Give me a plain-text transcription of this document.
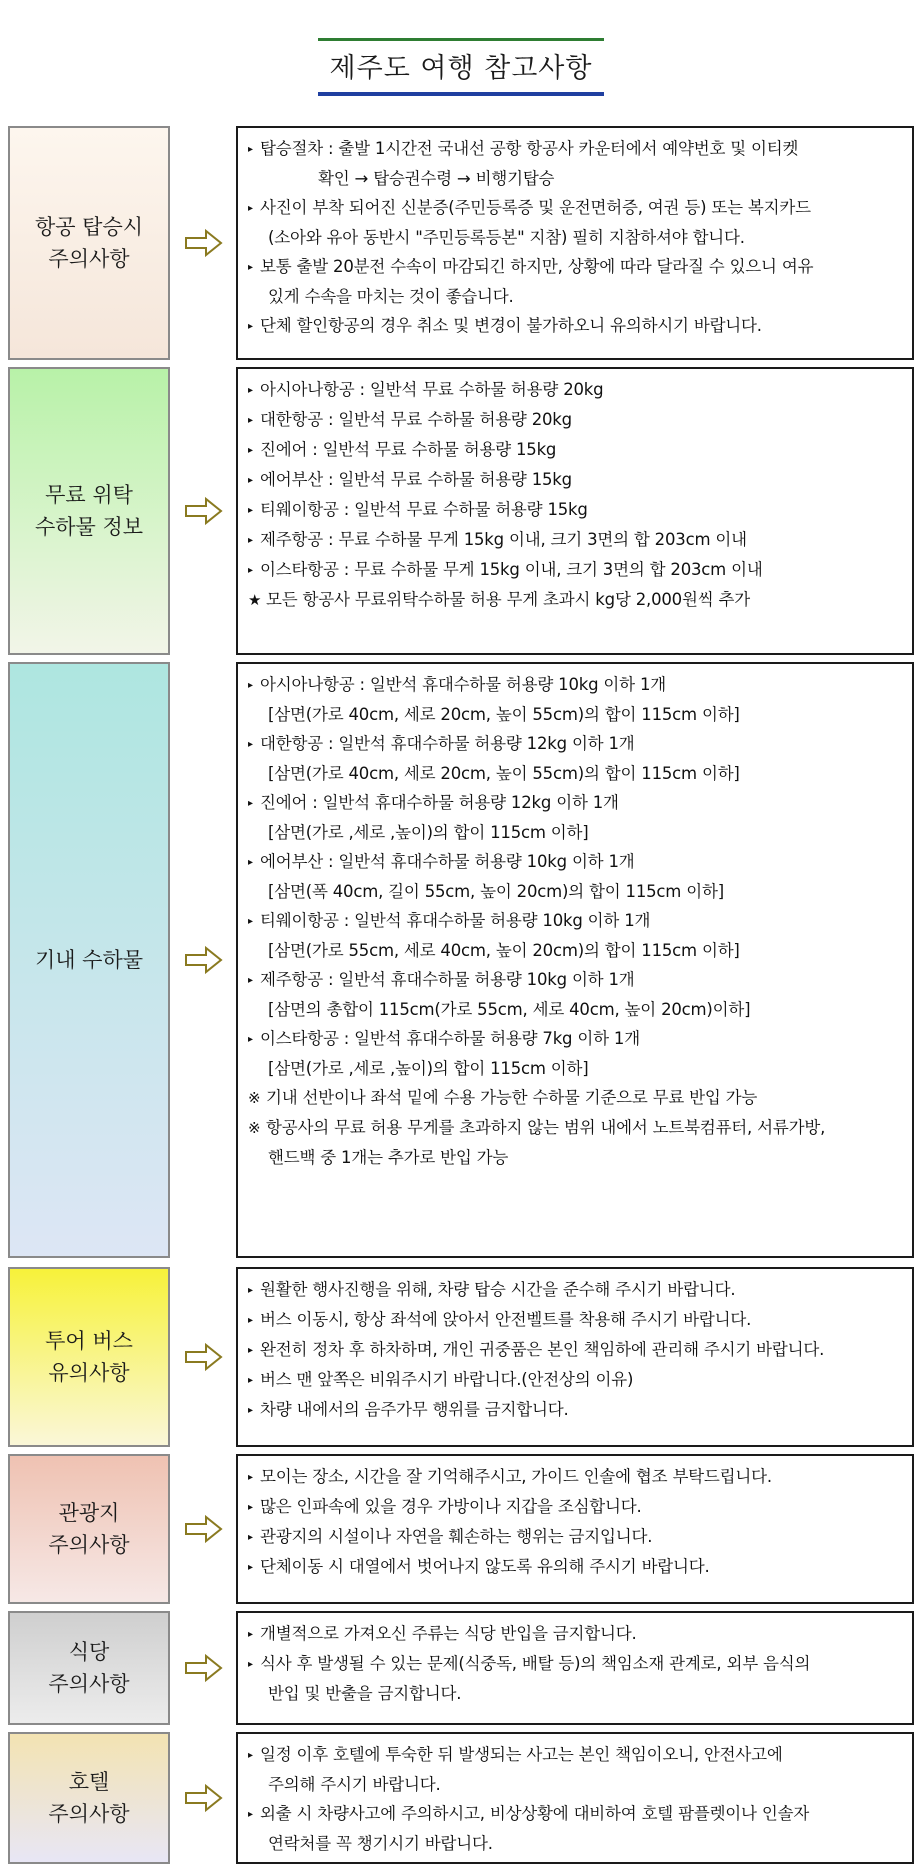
제주도 여행 참고사항
항공 탑승시
주의사항
▸ 탑승절차 : 출발 1시간전 국내선 공항 항공사 카운터에서 예약번호 및 이티켓
확인 → 탑승권수령 → 비행기탑승
▸ 사진이 부착 되어진 신분증(주민등록증 및 운전면허증, 여권 등) 또는 복지카드
(소아와 유아 동반시 "주민등록등본" 지참) 필히 지참하셔야 합니다.
▸ 보통 출발 20분전 수속이 마감되긴 하지만, 상황에 따라 달라질 수 있으니 여유
있게 수속을 마치는 것이 좋습니다.
▸ 단체 할인항공의 경우 취소 및 변경이 불가하오니 유의하시기 바랍니다.
무료 위탁
수하물 정보
▸ 아시아나항공 : 일반석 무료 수하물 허용량 20kg
▸ 대한항공 : 일반석 무료 수하물 허용량 20kg
▸ 진에어 : 일반석 무료 수하물 허용량 15kg
▸ 에어부산 : 일반석 무료 수하물 허용량 15kg
▸ 티웨이항공 : 일반석 무료 수하물 허용량 15kg
▸ 제주항공 : 무료 수하물 무게 15kg 이내, 크기 3면의 합 203cm 이내
▸ 이스타항공 : 무료 수하물 무게 15kg 이내, 크기 3면의 합 203cm 이내
★ 모든 항공사 무료위탁수하물 허용 무게 초과시 kg당 2,000원씩 추가
기내 수하물
▸ 아시아나항공 : 일반석 휴대수하물 허용량 10kg 이하 1개
[삼면(가로 40cm, 세로 20cm, 높이 55cm)의 합이 115cm 이하]
▸ 대한항공 : 일반석 휴대수하물 허용량 12kg 이하 1개
[삼면(가로 40cm, 세로 20cm, 높이 55cm)의 합이 115cm 이하]
▸ 진에어 : 일반석 휴대수하물 허용량 12kg 이하 1개
[삼면(가로 ,세로 ,높이)의 합이 115cm 이하]
▸ 에어부산 : 일반석 휴대수하물 허용량 10kg 이하 1개
[삼면(폭 40cm, 길이 55cm, 높이 20cm)의 합이 115cm 이하]
▸ 티웨이항공 : 일반석 휴대수하물 허용량 10kg 이하 1개
[삼면(가로 55cm, 세로 40cm, 높이 20cm)의 합이 115cm 이하]
▸ 제주항공 : 일반석 휴대수하물 허용량 10kg 이하 1개
[삼면의 총합이 115cm(가로 55cm, 세로 40cm, 높이 20cm)이하]
▸ 이스타항공 : 일반석 휴대수하물 허용량 7kg 이하 1개
[삼면(가로 ,세로 ,높이)의 합이 115cm 이하]
※ 기내 선반이나 좌석 밑에 수용 가능한 수하물 기준으로 무료 반입 가능
※ 항공사의 무료 허용 무게를 초과하지 않는 범위 내에서 노트북컴퓨터, 서류가방,
핸드백 중 1개는 추가로 반입 가능
투어 버스
유의사항
▸ 원활한 행사진행을 위해, 차량 탑승 시간을 준수해 주시기 바랍니다.
▸ 버스 이동시, 항상 좌석에 앉아서 안전벨트를 착용해 주시기 바랍니다.
▸ 완전히 정차 후 하차하며, 개인 귀중품은 본인 책임하에 관리해 주시기 바랍니다.
▸ 버스 맨 앞쪽은 비워주시기 바랍니다.(안전상의 이유)
▸ 차량 내에서의 음주가무 행위를 금지합니다.
관광지
주의사항
▸ 모이는 장소, 시간을 잘 기억해주시고, 가이드 인솔에 협조 부탁드립니다.
▸ 많은 인파속에 있을 경우 가방이나 지갑을 조심합니다.
▸ 관광지의 시설이나 자연을 훼손하는 행위는 금지입니다.
▸ 단체이동 시 대열에서 벗어나지 않도록 유의해 주시기 바랍니다.
식당
주의사항
▸ 개별적으로 가져오신 주류는 식당 반입을 금지합니다.
▸ 식사 후 발생될 수 있는 문제(식중독, 배탈 등)의 책임소재 관계로, 외부 음식의
반입 및 반출을 금지합니다.
호텔
주의사항
▸ 일정 이후 호텔에 투숙한 뒤 발생되는 사고는 본인 책임이오니, 안전사고에
주의해 주시기 바랍니다.
▸ 외출 시 차량사고에 주의하시고, 비상상황에 대비하여 호텔 팜플렛이나 인솔자
연락처를 꼭 챙기시기 바랍니다.
